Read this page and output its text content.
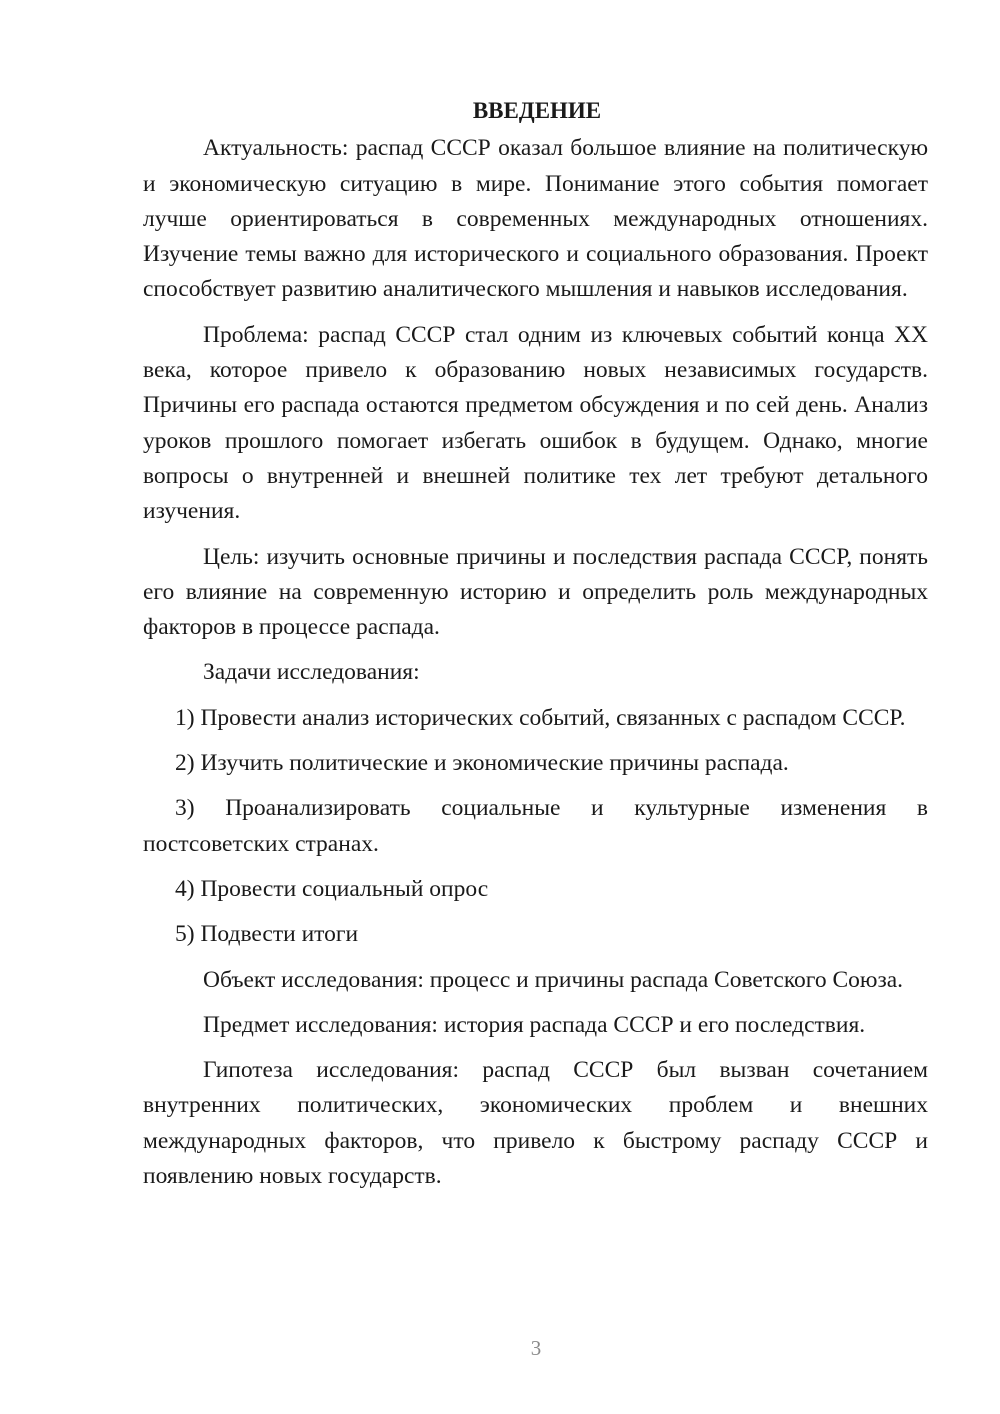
ВВЕДЕНИЕ

Актуальность: распад СССР оказал большое влияние на политическую и экономическую ситуацию в мире. Понимание этого события помогает лучше ориентироваться в современных международных отношениях. Изучение темы важно для исторического и социального образования. Проект способствует развитию аналитического мышления и навыков исследования.

Проблема: распад СССР стал одним из ключевых событий конца XX века, которое привело к образованию новых независимых государств. Причины его распада остаются предметом обсуждения и по сей день. Анализ уроков прошлого помогает избегать ошибок в будущем. Однако, многие вопросы о внутренней и внешней политике тех лет требуют детального изучения.

Цель: изучить основные причины и последствия распада СССР, понять его влияние на современную историю и определить роль международных факторов в процессе распада.

Задачи исследования:

1) Провести анализ исторических событий, связанных с распадом СССР.

2) Изучить политические и экономические причины распада.

3) Проанализировать социальные и культурные изменения в постсоветских странах.

4) Провести социальный опрос

5) Подвести итоги

Объект исследования: процесс и причины распада Советского Союза.

Предмет исследования: история распада СССР и его последствия.

Гипотеза исследования: распад СССР был вызван сочетанием внутренних политических, экономических проблем и внешних международных факторов, что привело к быстрому распаду СССР и появлению новых государств.

3
